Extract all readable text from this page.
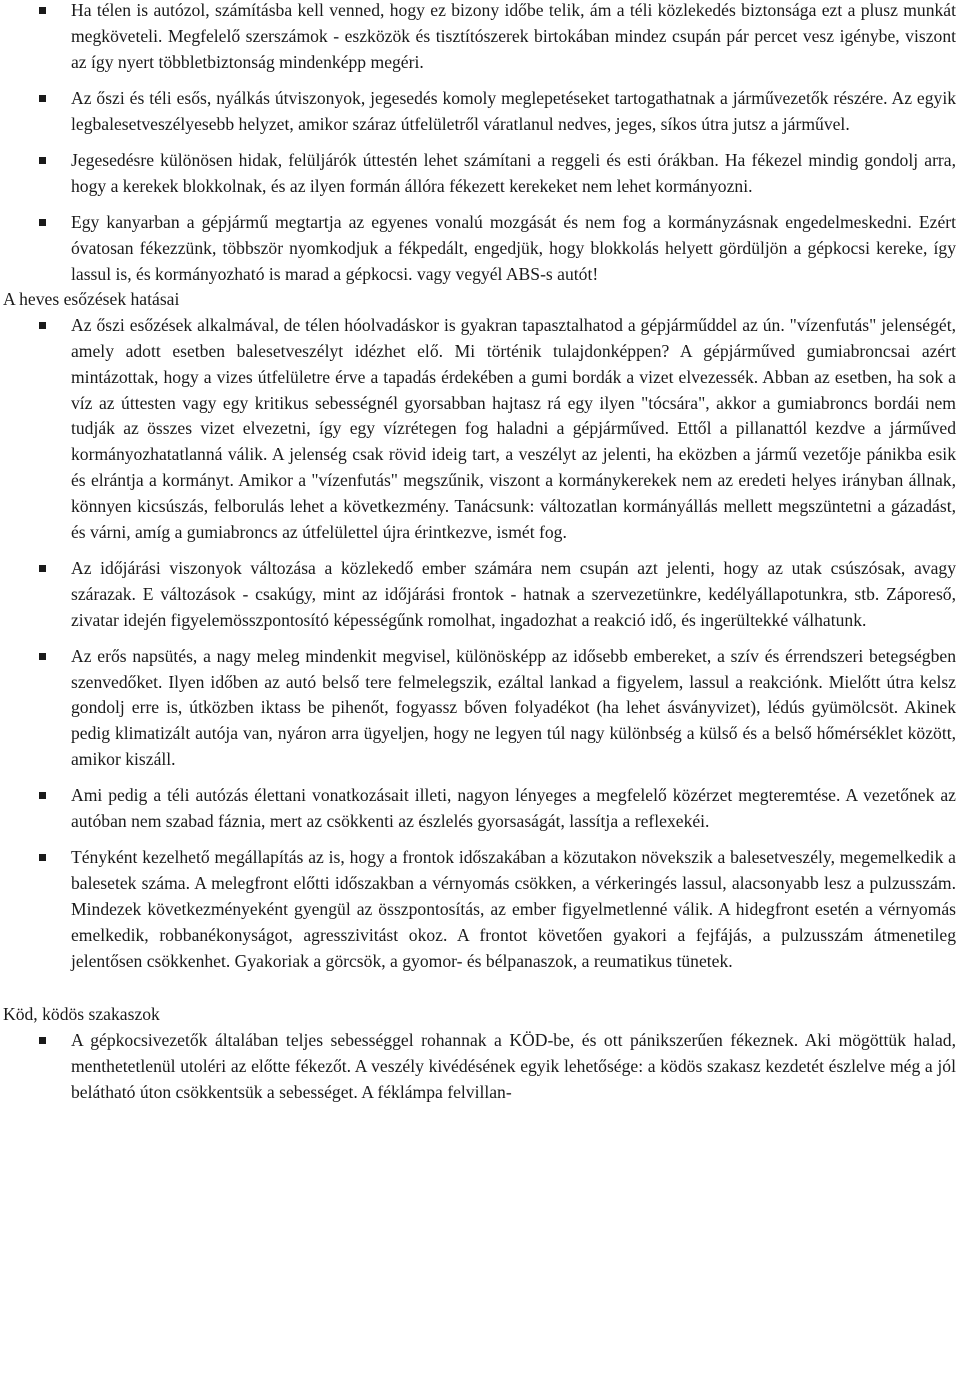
Ha télen is autózol, számításba kell venned, hogy ez bizony időbe telik, ám a téli közlekedés biztonsága ezt a plusz munkát megköveteli. Megfelelő szerszámok - eszközök és tisztítószerek birtokában mindez csupán pár percet vesz igénybe, viszont az így nyert többletbiztonság mindenképp megéri.
Az őszi és téli esős, nyálkás útviszonyok, jegesedés komoly meglepetéseket tartogathatnak a járművezetők részére. Az egyik legbalesetveszélyesebb helyzet, amikor száraz útfelületről váratlanul nedves, jeges, síkos útra jutsz a járművel.
Jegesedésre különösen hidak, felüljárók úttestén lehet számítani a reggeli és esti órákban. Ha fékezel mindig gondolj arra, hogy a kerekek blokkolnak, és az ilyen formán állóra fékezett kerekeket nem lehet kormányozni.
Egy kanyarban a gépjármű megtartja az egyenes vonalú mozgását és nem fog a kormányzásnak engedelmeskedni. Ezért óvatosan fékezzünk, többször nyomkodjuk a fékpedált, engedjük, hogy blokkolás helyett gördüljön a gépkocsi kereke, így lassul is, és kormányozható is marad a gépkocsi. vagy vegyél ABS-s autót!

A heves esőzések hatásai

Az őszi esőzések alkalmával, de télen hóolvadáskor is gyakran tapasztalhatod a gépjárműddel az ún. "vízenfutás" jelenségét, amely adott esetben balesetveszélyt idézhet elő. Mi történik tulajdonképpen? A gépjárműved gumiabroncsai azért mintázottak, hogy a vizes útfelületre érve a tapadás érdekében a gumi bordák a vizet elvezessék. Abban az esetben, ha sok a víz az úttesten vagy egy kritikus sebességnél gyorsabban hajtasz rá egy ilyen "tócsára", akkor a gumiabroncs bordái nem tudják az összes vizet elvezetni, így egy vízrétegen fog haladni a gépjárműved. Ettől a pillanattól kezdve a járműved kormányozhatatlanná válik. A jelenség csak rövid ideig tart, a veszélyt az jelenti, ha eközben a jármű vezetője pánikba esik és elrántja a kormányt. Amikor a "vízenfutás" megszűnik, viszont a kormánykerekek nem az eredeti helyes irányban állnak, könnyen kicsúszás, felborulás lehet a következmény. Tanácsunk: változatlan kormányállás mellett megszüntetni a gázadást, és várni, amíg a gumiabroncs az útfelülettel újra érintkezve, ismét fog.
Az időjárási viszonyok változása a közlekedő ember számára nem csupán azt jelenti, hogy az utak csúszósak, avagy szárazak. E változások - csakúgy, mint az időjárási frontok - hatnak a szervezetünkre, kedélyállapotunkra, stb. Zápore​ső, zivatar idején figyelemösszpontosító képességűnk romolhat, ingadozhat a reakció idő, és ingerültekké válhatunk.
Az erős napsütés, a nagy meleg mindenkit megvisel, különösképp az idősebb embereket, a szív és érrendszeri betegségben szenvedőket. Ilyen időben az autó belső tere felmelegszik, ezáltal lankad a figyelem, lassul a reakciónk. Mielőtt útra kelsz gondolj erre is, útközben iktass be pihenőt, fogyassz bőven folyadékot (ha lehet ásványvizet), lédús gyümölcsöt. Akinek pedig klimatizált autója van, nyáron arra ügyeljen, hogy ne legyen túl nagy különbség a külső és a belső hőmérséklet között, amikor kiszáll.
Ami pedig a téli autózás élettani vonatkozásait illeti, nagyon lényeges a megfelelő közérzet megteremtése. A vezetőnek az autóban nem szabad fáznia, mert az csökkenti az észlelés gyorsaságát, lassítja a reflexeké​i.
Tényként kezelhető megállapítás az is, hogy a frontok időszakában a közutakon növekszik a balesetveszély, megemelkedik a balesetek száma. A melegfront előtti időszakban a vérnyomás csökken, a vérkeringés lassul, alacsonyabb lesz a pulzusszám. Mindezek következményeként gyengül az összpontosítás, az ember figyelmetlenné válik. A hidegfront esetén a vérnyomás emelkedik, robbanékonyságot, agresszivitást okoz. A frontot követően gyakori a fejfájás, a pulzusszám átmenetileg jelentősen csökkenhet. Gyakoriak a görcsök, a gyomor- és bélpanaszok, a reumatikus tünetek.

Köd, ködös szakaszok

A gépkocsivezetők általában teljes sebességgel rohannak a KÖD-be, és ott pánikszerűen fékeznek. Aki mögöttük halad, menthetetlenül utoléri az előtte fékezőt. A veszély kivédésének egyik lehetősége: a ködös szakasz kezdetét észlelve még a jól belátható úton csökkentsük a sebességet. A féklámpa felvillan-
